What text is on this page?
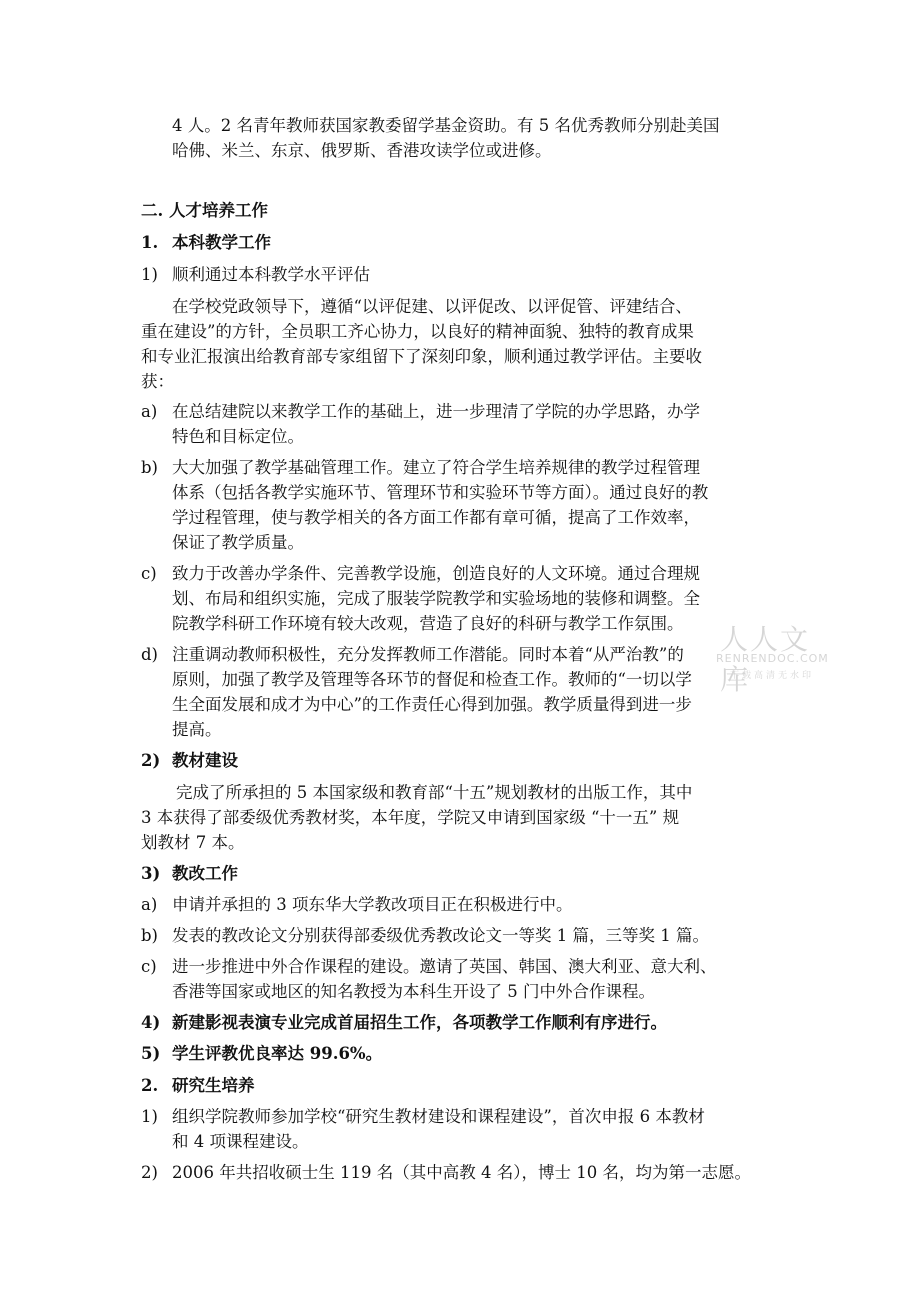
4 人。2 名青年教师获国家教委留学基金资助。有 5 名优秀教师分别赴美国
哈佛、米兰、东京、俄罗斯、香港攻读学位或进修。
二. 人才培养工作
1. 本科教学工作
1) 顺利通过本科教学水平评估
在学校党政领导下，遵循“以评促建、以评促改、以评促管、评建结合、
重在建设”的方针，全员职工齐心协力，以良好的精神面貌、独特的教育成果
和专业汇报演出给教育部专家组留下了深刻印象，顺利通过教学评估。主要收
获：
a) 在总结建院以来教学工作的基础上，进一步理清了学院的办学思路，办学
特色和目标定位。
b) 大大加强了教学基础管理工作。建立了符合学生培养规律的教学过程管理
体系（包括各教学实施环节、管理环节和实验环节等方面）。通过良好的教
学过程管理，使与教学相关的各方面工作都有章可循，提高了工作效率，
保证了教学质量。
c) 致力于改善办学条件、完善教学设施，创造良好的人文环境。通过合理规
划、布局和组织实施，完成了服装学院教学和实验场地的装修和调整。全
院教学科研工作环境有较大改观，营造了良好的科研与教学工作氛围。
d) 注重调动教师积极性，充分发挥教师工作潜能。同时本着“从严治教”的
原则，加强了教学及管理等各环节的督促和检查工作。教师的“一切以学
生全面发展和成才为中心”的工作责任心得到加强。教学质量得到进一步
提高。
2) 教材建设
完成了所承担的 5 本国家级和教育部“十五”规划教材的出版工作，其中
3 本获得了部委级优秀教材奖，本年度，学院又申请到国家级 “十一五” 规
划教材 7 本。
3) 教改工作
a) 申请并承担的 3 项东华大学教改项目正在积极进行中。
b) 发表的教改论文分别获得部委级优秀教改论文一等奖 1 篇，三等奖 1 篇。
c) 进一步推进中外合作课程的建设。邀请了英国、韩国、澳大利亚、意大利、
香港等国家或地区的知名教授为本科生开设了 5 门中外合作课程。
4) 新建影视表演专业完成首届招生工作，各项教学工作顺利有序进行。
5) 学生评教优良率达 99.6%。
2. 研究生培养
1) 组织学院教师参加学校“研究生教材建设和课程建设”，首次申报 6 本教材
和 4 项课程建设。
2) 2006 年共招收硕士生 119 名（其中高教 4 名），博士 10 名，均为第一志愿。
人人文库
RENRENDOC.COM
下载高清无水印
